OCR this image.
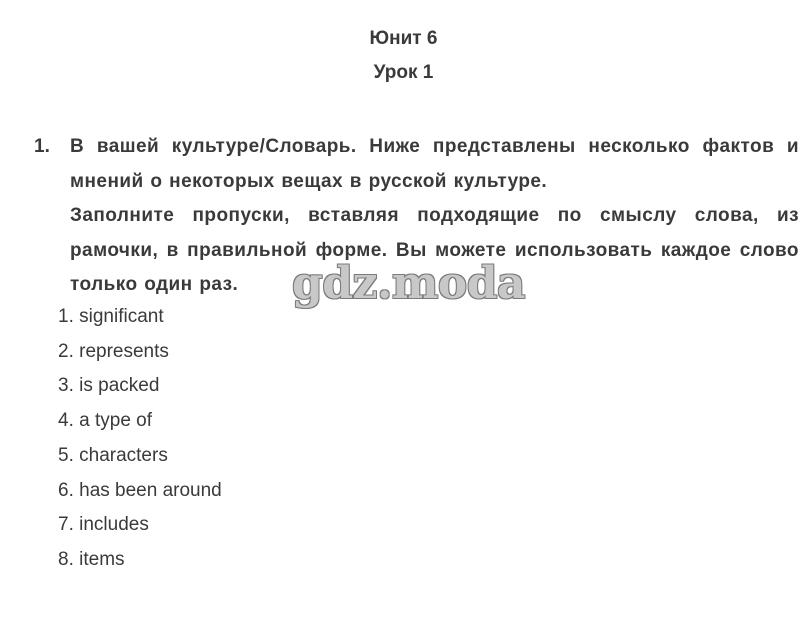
Юнит 6
Урок 1
1. В вашей культуре/Словарь. Ниже представлены несколько фактов и мнений о некоторых вещах в русской культуре.

Заполните пропуски, вставляя подходящие по смыслу слова, из рамочки, в правильной форме. Вы можете использовать каждое слово только один раз.

1. significant
2. represents
3. is packed
4. a type of
5. characters
6. has been around
7. includes
8. items
gdz.moda
